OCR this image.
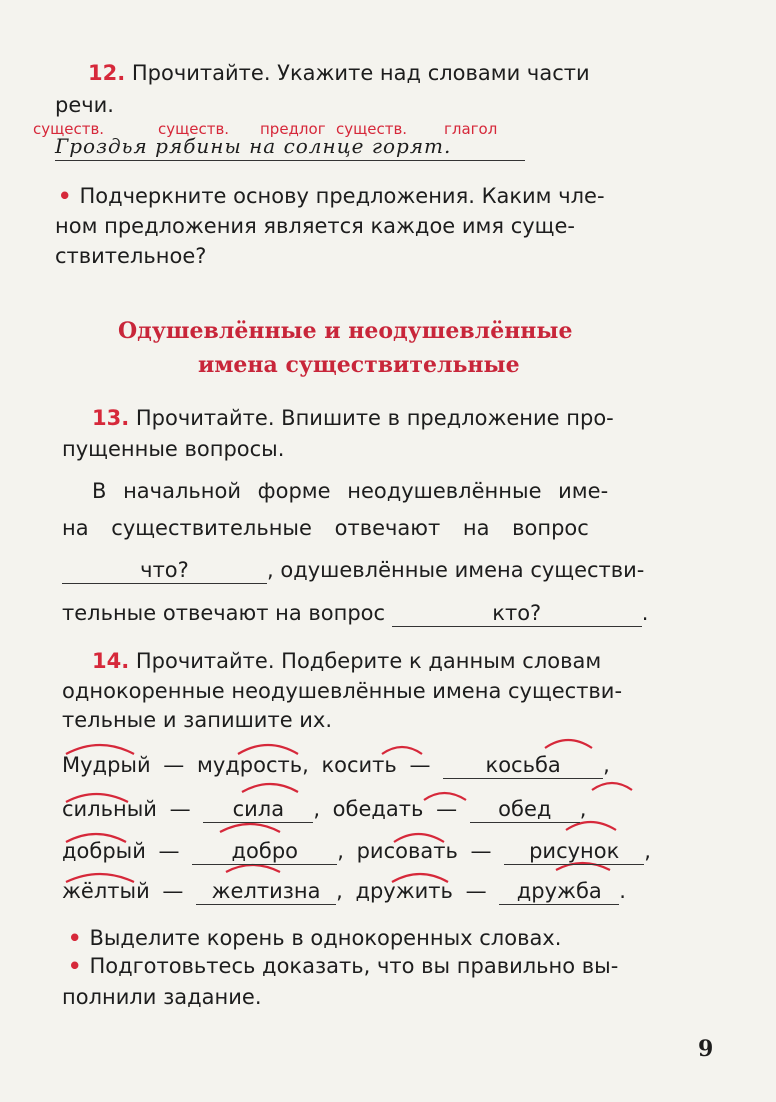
12. Прочитайте. Укажите над словами части
речи.
существ.	существ. предлог существ. глагол
Гроздья рябины на солнце горят.
• Подчеркните основу предложения. Каким чле-
ном предложения является каждое имя суще-
ствительное?
Одушевлённые и неодушевлённые
имена существительные
13. Прочитайте. Впишите в предложение про-
пущенные вопросы.
В начальной форме неодушевлённые име-
на существительные отвечают на вопрос
что?	, одушевлённые имена существи-
тельные отвечают на вопрос	кто?	.
14. Прочитайте. Подберите к данным словам
однокоренные неодушевлённые имена существи-
тельные и запишите их.
Мудрый — мудрость, косить —	косьба ,
сильный — сила , обедать — обед ,
добрый — добро , рисовать — рисунок ,
жёлтый — желтизна , дружить — дружба .
• Выделите корень в однокоренных словах.
• Подготовьтесь доказать, что вы правильно вы-
полнили задание.
9
